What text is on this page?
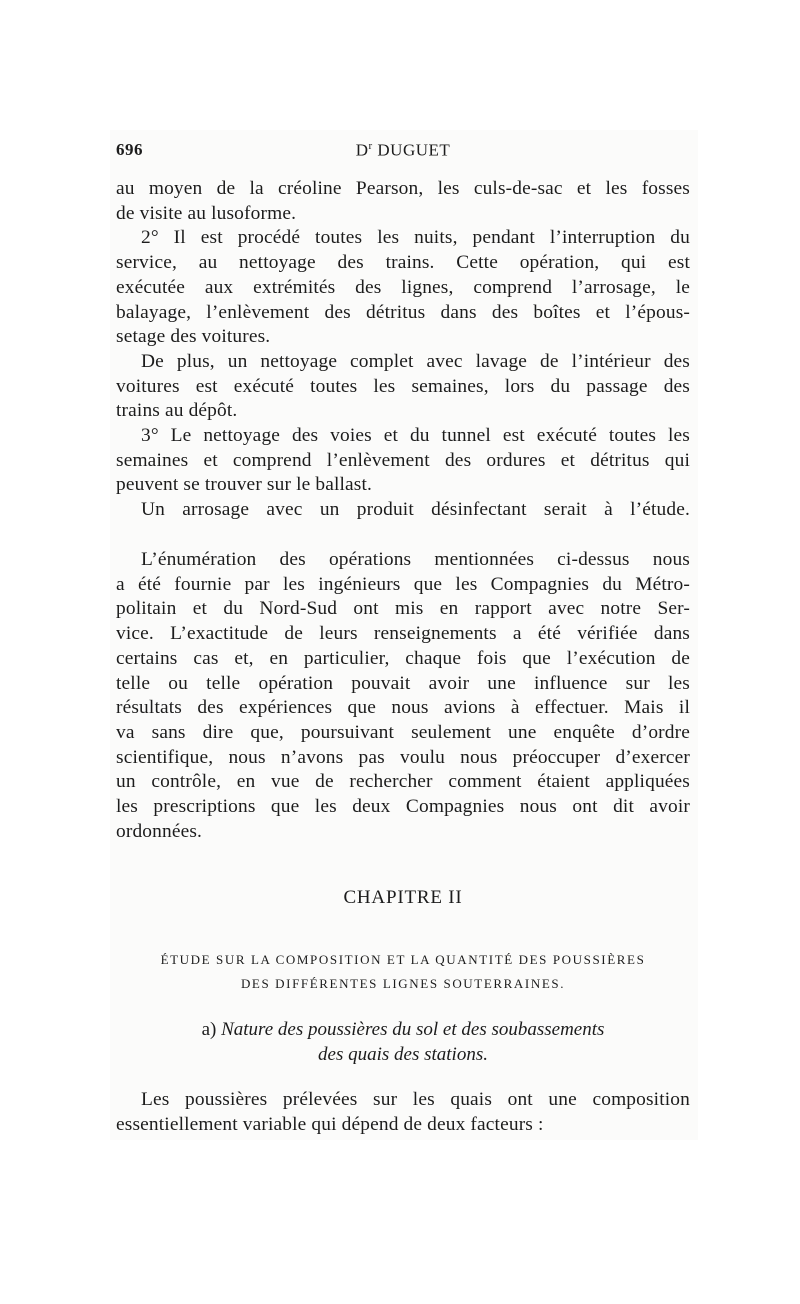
696	$D^r$ DUGUET
au moyen de la créoline Pearson, les culs-de-sac et les fosses
de visite au lusoforme.
2° Il est procédé toutes les nuits, pendant l’interruption du
service, au nettoyage des trains. Cette opération, qui est
exécutée aux extrémités des lignes, comprend l’arrosage, le
balayage, l’enlèvement des détritus dans des boîtes et l’épous-
setage des voitures.
De plus, un nettoyage complet avec lavage de l’intérieur des
voitures est exécuté toutes les semaines, lors du passage des
trains au dépôt.
3° Le nettoyage des voies et du tunnel est exécuté toutes les
semaines et comprend l’enlèvement des ordures et détritus qui
peuvent se trouver sur le ballast.
Un arrosage avec un produit désinfectant serait à l’étude.
L’énumération des opérations mentionnées ci-dessus nous
a été fournie par les ingénieurs que les Compagnies du Métro-
politain et du Nord-Sud ont mis en rapport avec notre Ser-
vice. L’exactitude de leurs renseignements a été vérifiée dans
certains cas et, en particulier, chaque fois que l’exécution de
telle ou telle opération pouvait avoir une influence sur les
résultats des expériences que nous avions à effectuer. Mais il
va sans dire que, poursuivant seulement une enquête d’ordre
scientifique, nous n’avons pas voulu nous préoccuper d’exercer
un contrôle, en vue de rechercher comment étaient appliquées
les prescriptions que les deux Compagnies nous ont dit avoir
ordonnées.
CHAPITRE II
ÉTUDE SUR LA COMPOSITION ET LA QUANTITÉ DES POUSSIÈRES
DES DIFFÉRENTES LIGNES SOUTERRAINES.
a) Nature des poussières du sol et des soubassements
des quais des stations.
Les poussières prélevées sur les quais ont une composition
essentiellement variable qui dépend de deux facteurs :
